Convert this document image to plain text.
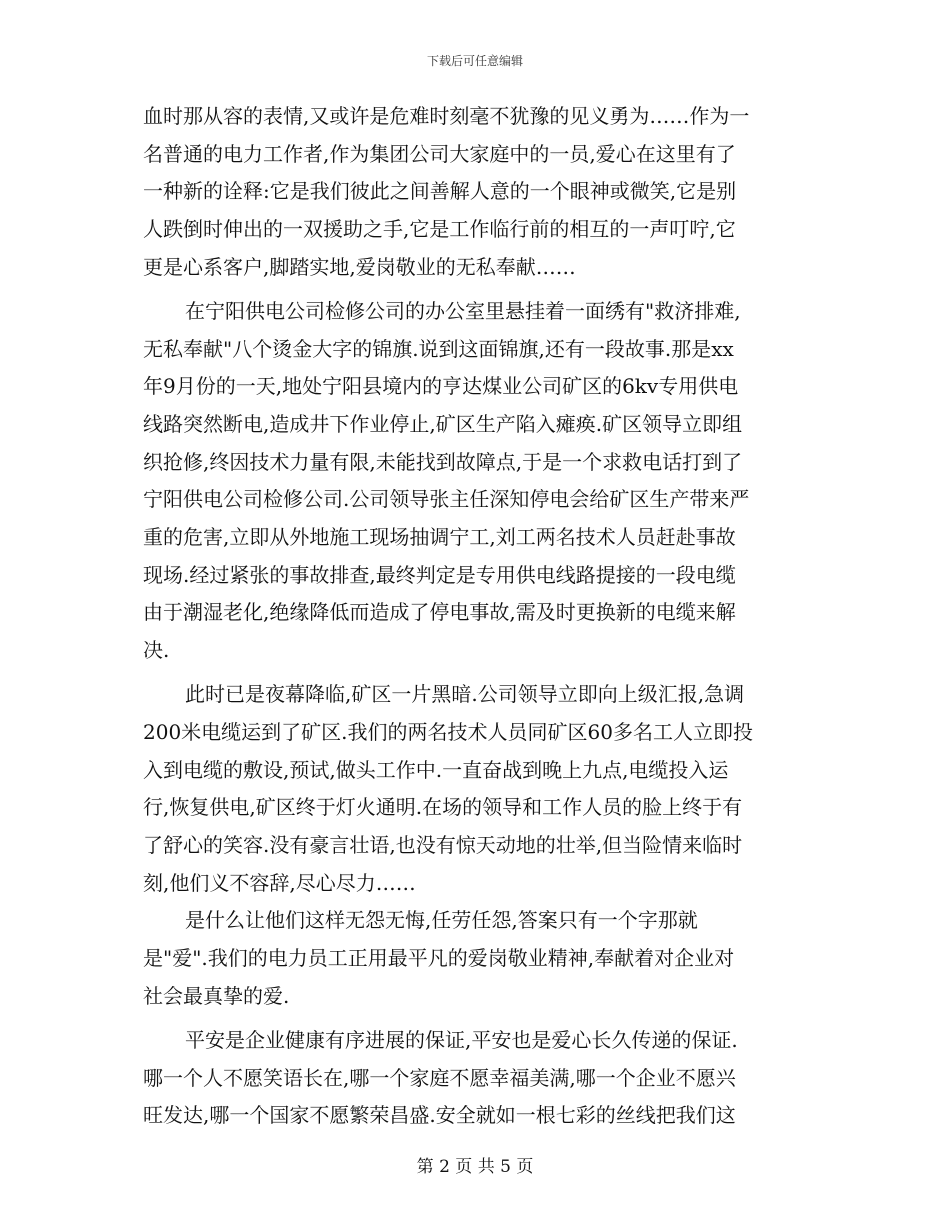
下载后可任意编辑
血时那从容的表情,又或许是危难时刻毫不犹豫的见义勇为……作为一
名普通的电力工作者,作为集团公司大家庭中的一员,爱心在这里有了
一种新的诠释:它是我们彼此之间善解人意的一个眼神或微笑,它是别
人跌倒时伸出的一双援助之手,它是工作临行前的相互的一声叮咛,它
更是心系客户,脚踏实地,爱岗敬业的无私奉献……
在宁阳供电公司检修公司的办公室里悬挂着一面绣有"救济排难,
无私奉献"八个烫金大字的锦旗.说到这面锦旗,还有一段故事.那是xx
年9月份的一天,地处宁阳县境内的亨达煤业公司矿区的6kv专用供电
线路突然断电,造成井下作业停止,矿区生产陷入瘫痪.矿区领导立即组
织抢修,终因技术力量有限,未能找到故障点,于是一个求救电话打到了
宁阳供电公司检修公司.公司领导张主任深知停电会给矿区生产带来严
重的危害,立即从外地施工现场抽调宁工,刘工两名技术人员赶赴事故
现场.经过紧张的事故排查,最终判定是专用供电线路提接的一段电缆
由于潮湿老化,绝缘降低而造成了停电事故,需及时更换新的电缆来解
决.
此时已是夜幕降临,矿区一片黑暗.公司领导立即向上级汇报,急调
200米电缆运到了矿区.我们的两名技术人员同矿区60多名工人立即投
入到电缆的敷设,预试,做头工作中.一直奋战到晚上九点,电缆投入运
行,恢复供电,矿区终于灯火通明.在场的领导和工作人员的脸上终于有
了舒心的笑容.没有豪言壮语,也没有惊天动地的壮举,但当险情来临时
刻,他们义不容辞,尽心尽力……
是什么让他们这样无怨无悔,任劳任怨,答案只有一个字那就
是"爱".我们的电力员工正用最平凡的爱岗敬业精神,奉献着对企业对
社会最真挚的爱.
平安是企业健康有序进展的保证,平安也是爱心长久传递的保证.
哪一个人不愿笑语长在,哪一个家庭不愿幸福美满,哪一个企业不愿兴
旺发达,哪一个国家不愿繁荣昌盛.安全就如一根七彩的丝线把我们这
第 2 页 共 5 页
